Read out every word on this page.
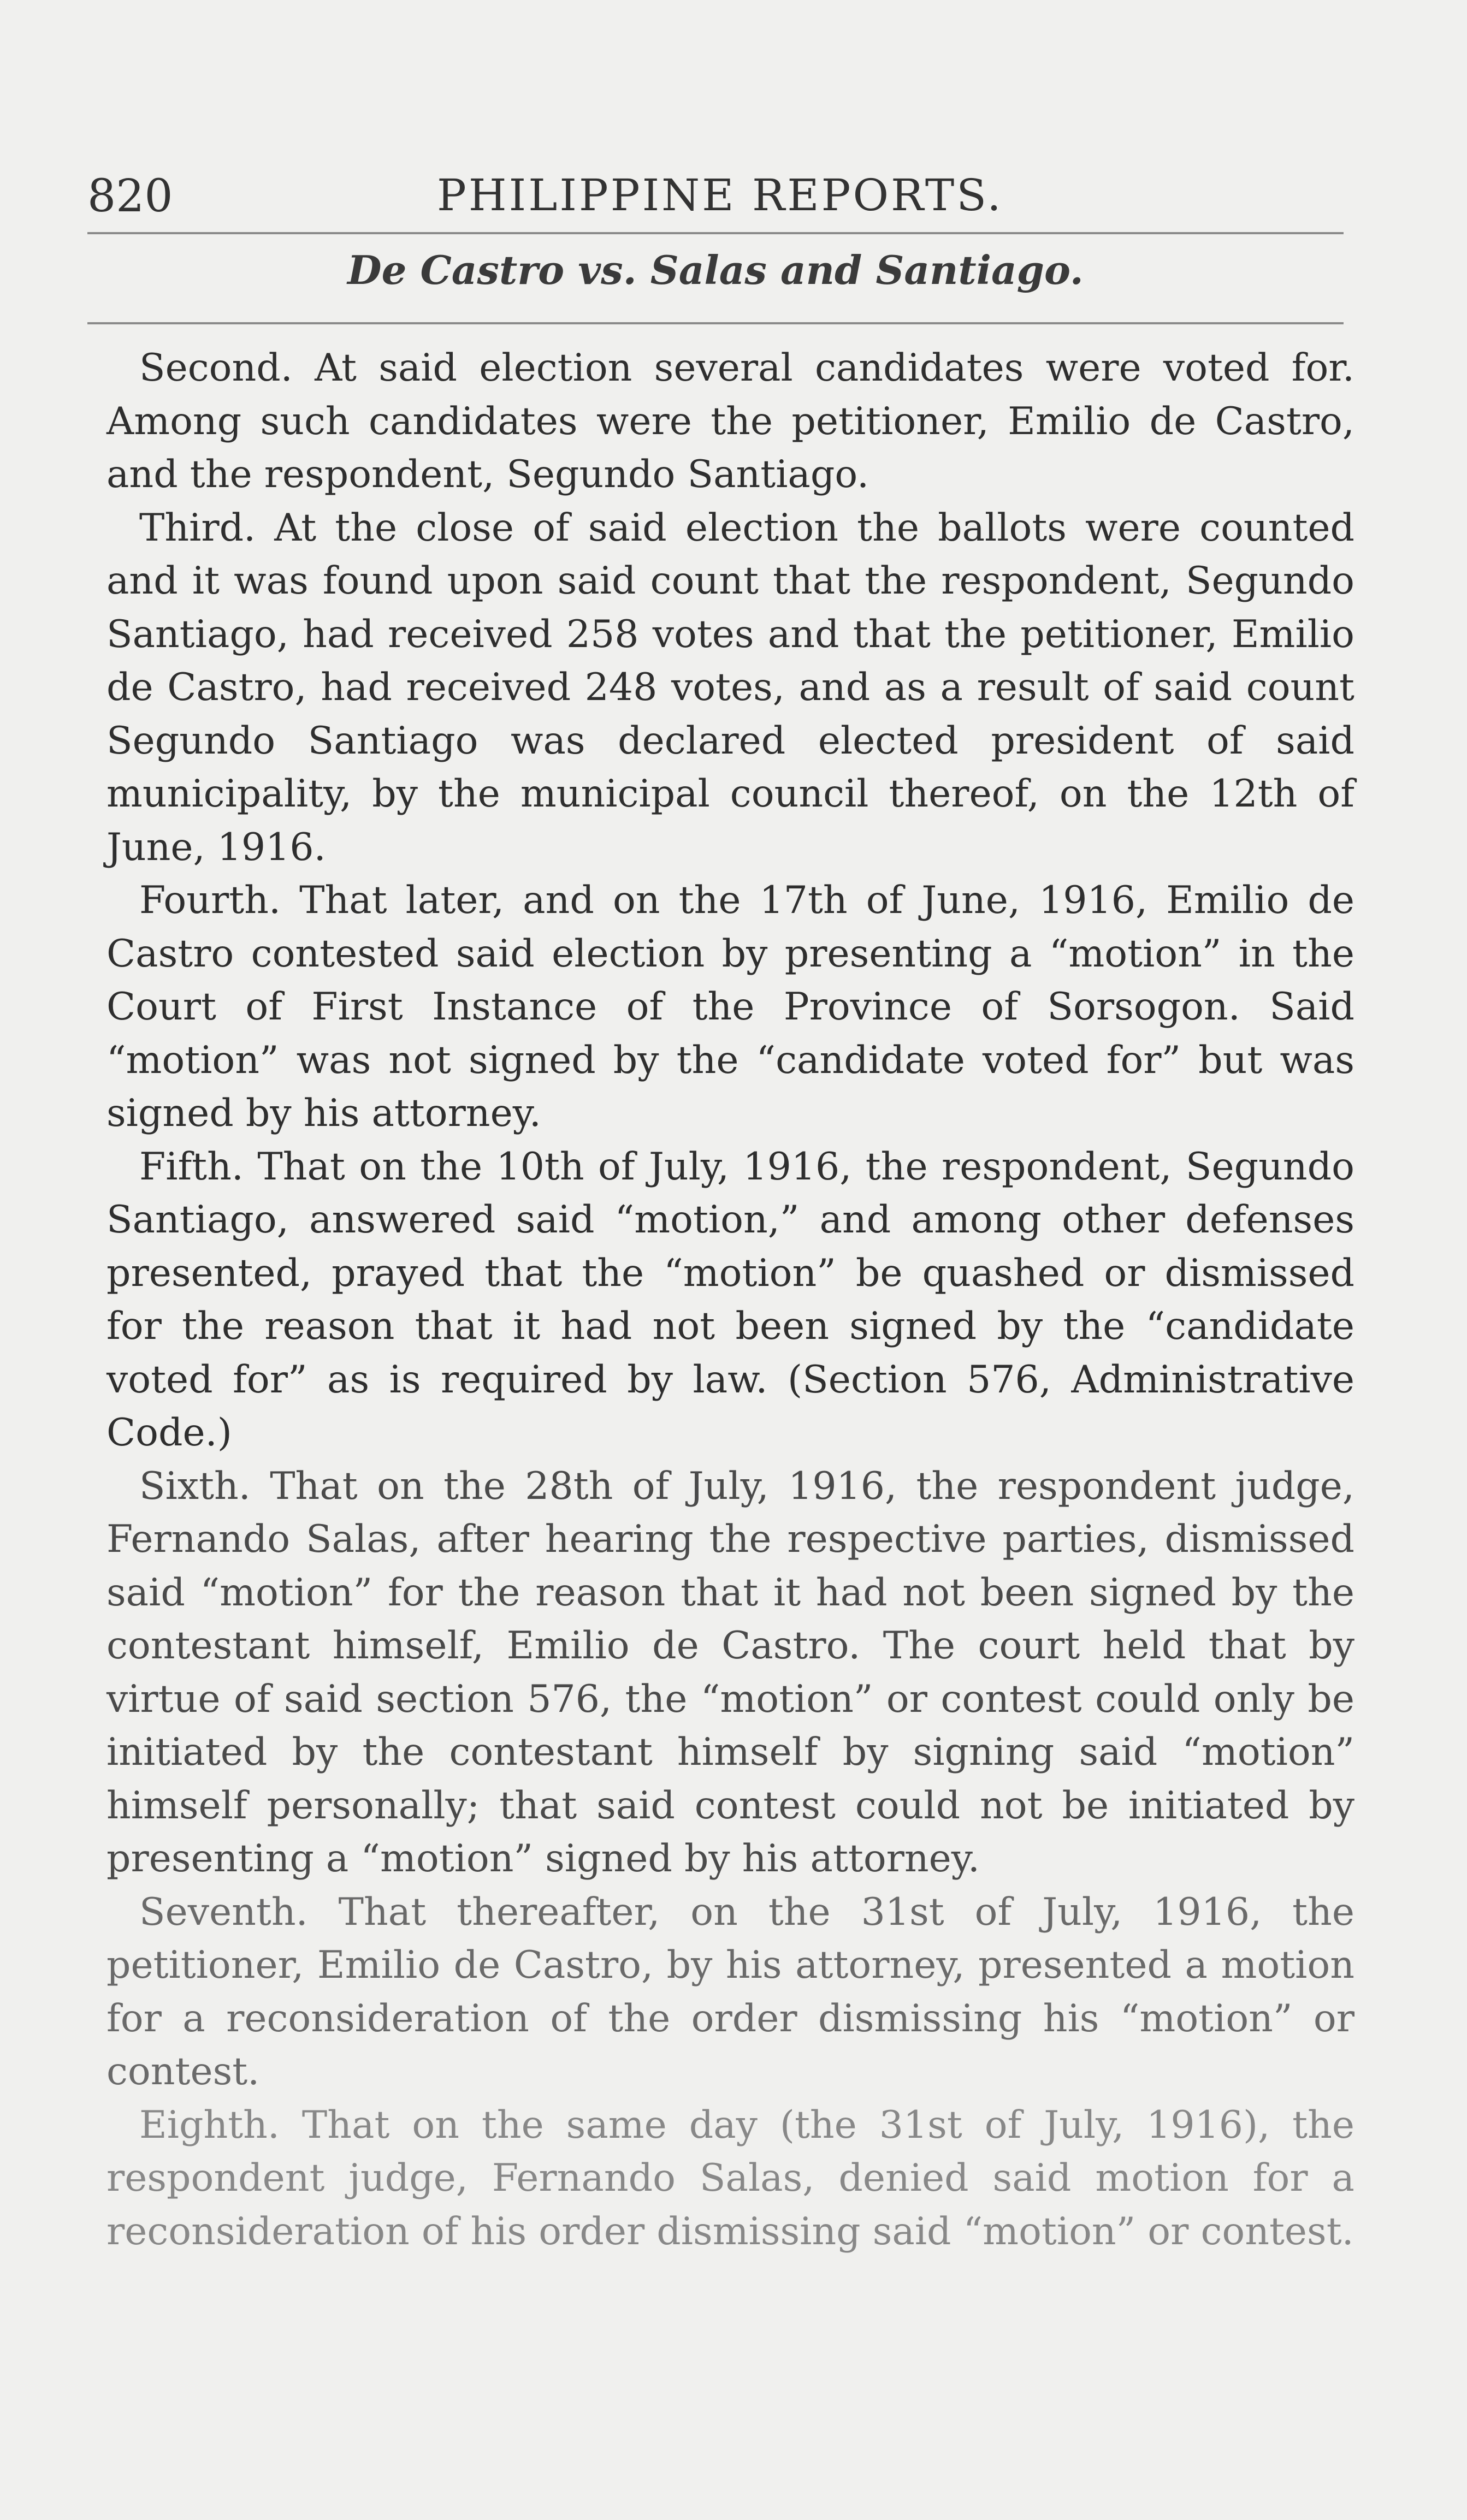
820	PHILIPPINE REPORTS.
De Castro vs. Salas and Santiago.

Second. At said election several candidates were voted for. Among such candidates were the petitioner, Emilio de Castro, and the respondent, Segundo Santiago.

Third. At the close of said election the ballots were counted and it was found upon said count that the respondent, Segundo Santiago, had received 258 votes and that the petitioner, Emilio de Castro, had received 248 votes, and as a result of said count Segundo Santiago was declared elected president of said municipality, by the municipal council thereof, on the 12th of June, 1916.

Fourth. That later, and on the 17th of June, 1916, Emilio de Castro contested said election by presenting a “motion” in the Court of First Instance of the Province of Sorsogon. Said “motion” was not signed by the “candidate voted for” but was signed by his attorney.

Fifth. That on the 10th of July, 1916, the respondent, Segundo Santiago, answered said “motion,” and among other defenses presented, prayed that the “motion” be quashed or dismissed for the reason that it had not been signed by the “candidate voted for” as is required by law. (Section 576, Administrative Code.)

Sixth. That on the 28th of July, 1916, the respondent judge, Fernando Salas, after hearing the respective parties, dismissed said “motion” for the reason that it had not been signed by the contestant himself, Emilio de Castro. The court held that by virtue of said section 576, the “motion” or contest could only be initiated by the contestant himself by signing said “motion” himself personally; that said contest could not be initiated by presenting a “motion” signed by his attorney.

Seventh. That thereafter, on the 31st of July, 1916, the petitioner, Emilio de Castro, by his attorney, presented a motion for a reconsideration of the order dismissing his “motion” or contest.

Eighth. That on the same day (the 31st of July, 1916), the respondent judge, Fernando Salas, denied said motion for a reconsideration of his order dismissing said “motion” or contest.
